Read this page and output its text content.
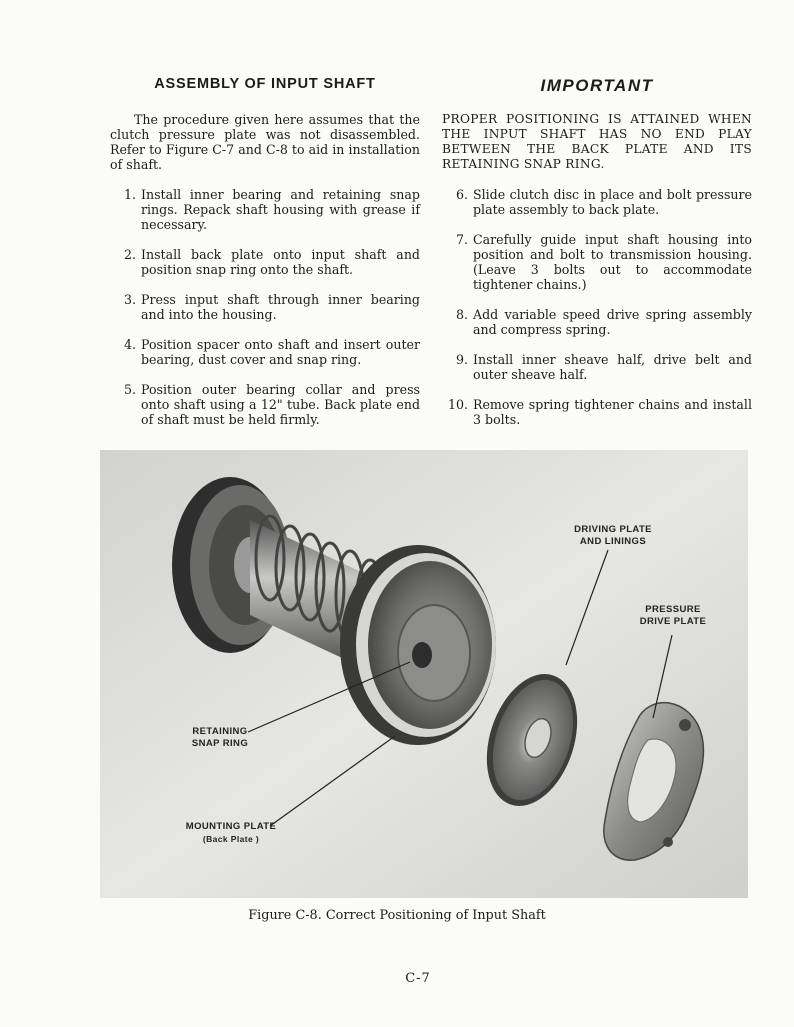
ASSEMBLY OF INPUT SHAFT

The procedure given here assumes that the clutch pressure plate was not disassembled. Refer to Figure C-7 and C-8 to aid in installation of shaft.

1. Install inner bearing and retaining snap rings. Repack shaft housing with grease if necessary.
2. Install back plate onto input shaft and position snap ring onto the shaft.
3. Press input shaft through inner bearing and into the housing.
4. Position spacer onto shaft and insert outer bearing, dust cover and snap ring.
5. Position outer bearing collar and press onto shaft using a 12" tube. Back plate end of shaft must be held firmly.
IMPORTANT

PROPER POSITIONING IS ATTAINED WHEN THE INPUT SHAFT HAS NO END PLAY BETWEEN THE BACK PLATE AND ITS RETAINING SNAP RING.

6. Slide clutch disc in place and bolt pressure plate assembly to back plate.
7. Carefully guide input shaft housing into position and bolt to transmission housing. (Leave 3 bolts out to accommodate tightener chains.)
8. Add variable speed drive spring assembly and compress spring.
9. Install inner sheave half, drive belt and outer sheave half.
10. Remove spring tightener chains and install 3 bolts.
DRIVING PLATE
AND LININGS
PRESSURE
DRIVE PLATE
RETAINING
SNAP RING
MOUNTING PLATE
(Back Plate )
Figure C-8. Correct Positioning of Input Shaft
C-7
